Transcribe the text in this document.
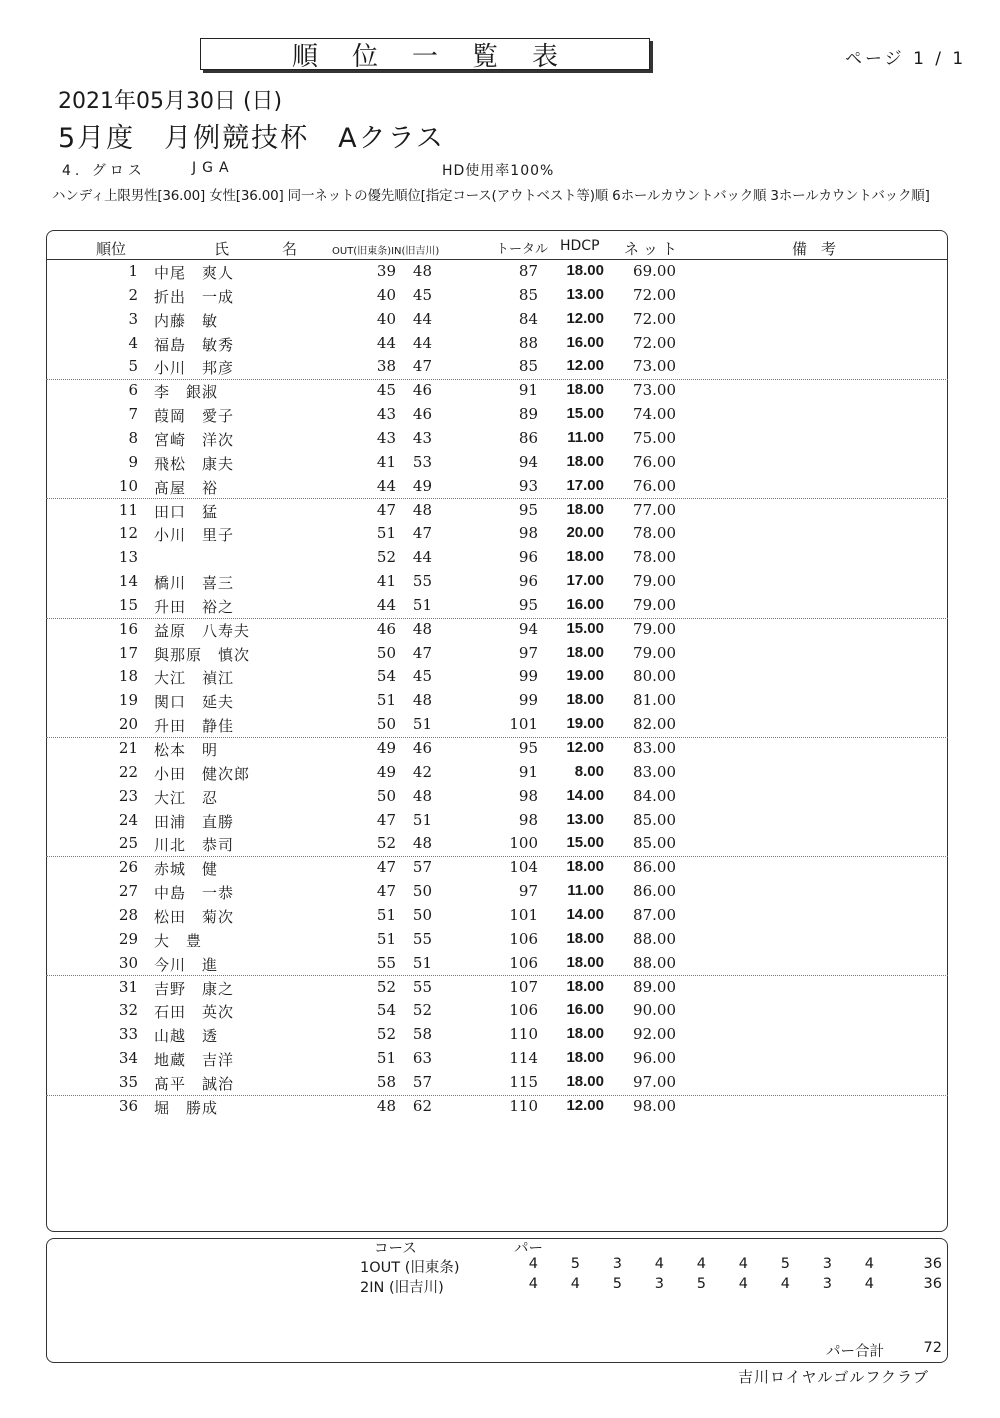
順位一覧表	ページ 1 / 1
2021年05月30日 (日)
5月度　月例競技杯　Aクラス
4. グロス	JGA	HD使用率100%
ハンディ上限男性[36.00] 女性[36.00] 同一ネットの優先順位[指定コース(アウトベスト等)順 6ホールカウントバック順 3ホールカウントバック順]
順位	氏	名	OUT(旧東条)IN(旧吉川)	トータル HDCP ネット	備考
1 中尾　爽人	39	48	87	18.00	69.00
2 折出　一成	40	45	85	13.00	72.00
3 内藤　敏	40	44	84	12.00	72.00
4 福島　敏秀	44	44	88	16.00	72.00
5 小川　邦彦	38	47	85	12.00	73.00
6 李　銀淑	45	46	91	18.00	73.00
7 葭岡　愛子	43	46	89	15.00	74.00
8 宮崎　洋次	43	43	86	11.00	75.00
9 飛松　康夫	41	53	94	18.00	76.00
10 髙屋　裕	44	49	93	17.00	76.00
11 田口　猛	47	48	95	18.00	77.00
12 小川　里子	51	47	98	20.00	78.00
13	52	44	96	18.00	78.00
14 橋川　喜三	41	55	96	17.00	79.00
15 升田　裕之	44	51	95	16.00	79.00
16 益原　八寿夫	46	48	94	15.00	79.00
17 與那原　慎次	50	47	97	18.00	79.00
18 大江　禎江	54	45	99	19.00	80.00
19 関口　延夫	51	48	99	18.00	81.00
20 升田　静佳	50	51	101	19.00	82.00
21 松本　明	49	46	95	12.00	83.00
22 小田　健次郎	49	42	91	8.00	83.00
23 大江　忍	50	48	98	14.00	84.00
24 田浦　直勝	47	51	98	13.00	85.00
25 川北　恭司	52	48	100	15.00	85.00
26 赤城　健	47	57	104	18.00	86.00
27 中島　一恭	47	50	97	11.00	86.00
28 松田　菊次	51	50	101	14.00	87.00
29 大　豊	51	55	106	18.00	88.00
30 今川　進	55	51	106	18.00	88.00
31 吉野　康之	52	55	107	18.00	89.00
32 石田　英次	54	52	106	16.00	90.00
33 山越　透	52	58	110	18.00	92.00
34 地蔵　吉洋	51	63	114	18.00	96.00
35 髙平　誠治	58	57	115	18.00	97.00
36 堀　勝成	48	62	110	12.00	98.00
コース	パー
1OUT (旧東条)	4	5	3	4	4	4	5	3	4	36
2IN (旧吉川)	4	4	5	3	5	4	4	3	4	36
パー合計	72
吉川ロイヤルゴルフクラブ
